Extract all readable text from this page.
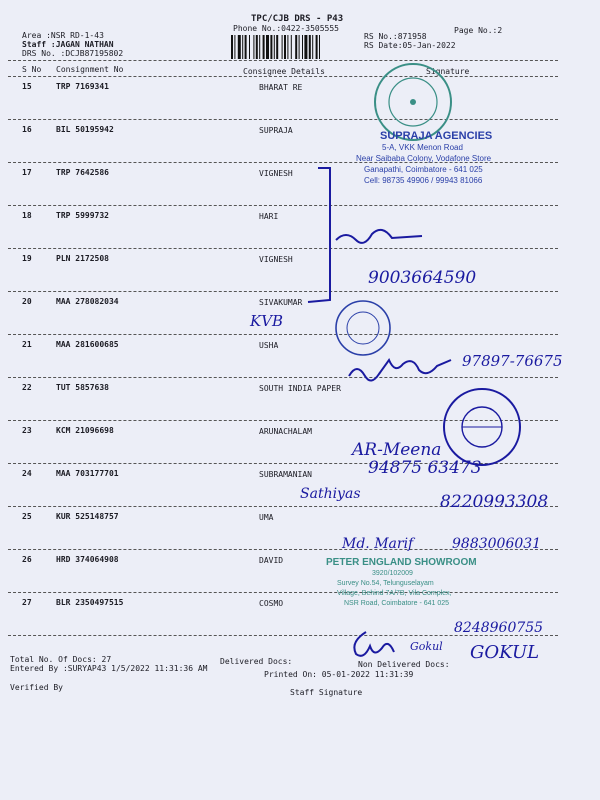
TPC/CJB DRS - P43
Phone No.:0422-3505555
Area :NSR RD-1-43
Staff :JAGAN NATHAN
DRS No. :DCJB87195802
RS No.:871958
RS Date:05-Jan-2022
Page No.:2
S No Consignment No	Consignee Details	Signature
15	TRP 7169341	BHARAT RE
16	BIL 50195942	SUPRAJA
17	TRP 7642586	VIGNESH
18	TRP 5999732	HARI
19	PLN 2172508	VIGNESH
20	MAA 278082034	SIVAKUMAR
21	MAA 281600685	USHA
22	TUT 5857638	SOUTH INDIA PAPER
23	KCM 21096698	ARUNACHALAM
24	MAA 703177701	SUBRAMANIAN
25	KUR 525148757	UMA
26	HRD 374064908	DAVID
27	BLR 2350497515	COSMO
Total No. Of Docs: 27	Delivered Docs:	Non Delivered Docs:
Entered By :SURYAP43 1/5/2022 11:31:36 AM
Printed On: 05-01-2022 11:31:39
Verified By
Staff Signature
SUPRAJA AGENCIES
5-A, VKK Menon Road
Near Saibaba Colony, Vodafone Store
Ganapathi, Coimbatore - 641 025
Cell: 98735 49906 / 99943 81066
PETER ENGLAND SHOWROOM
3920/102009
Survey No.54, Telunguselayam
Village, Behind 7A/7B, Vila Complex,
NSR Road, Coimbatore - 641 025
9003664590
KVB
97897-76675
AR-Meena
94875 63473
Sathiyas	8220993308
Md. Marif	9883006031
8248960755
Gokul GOKUL
